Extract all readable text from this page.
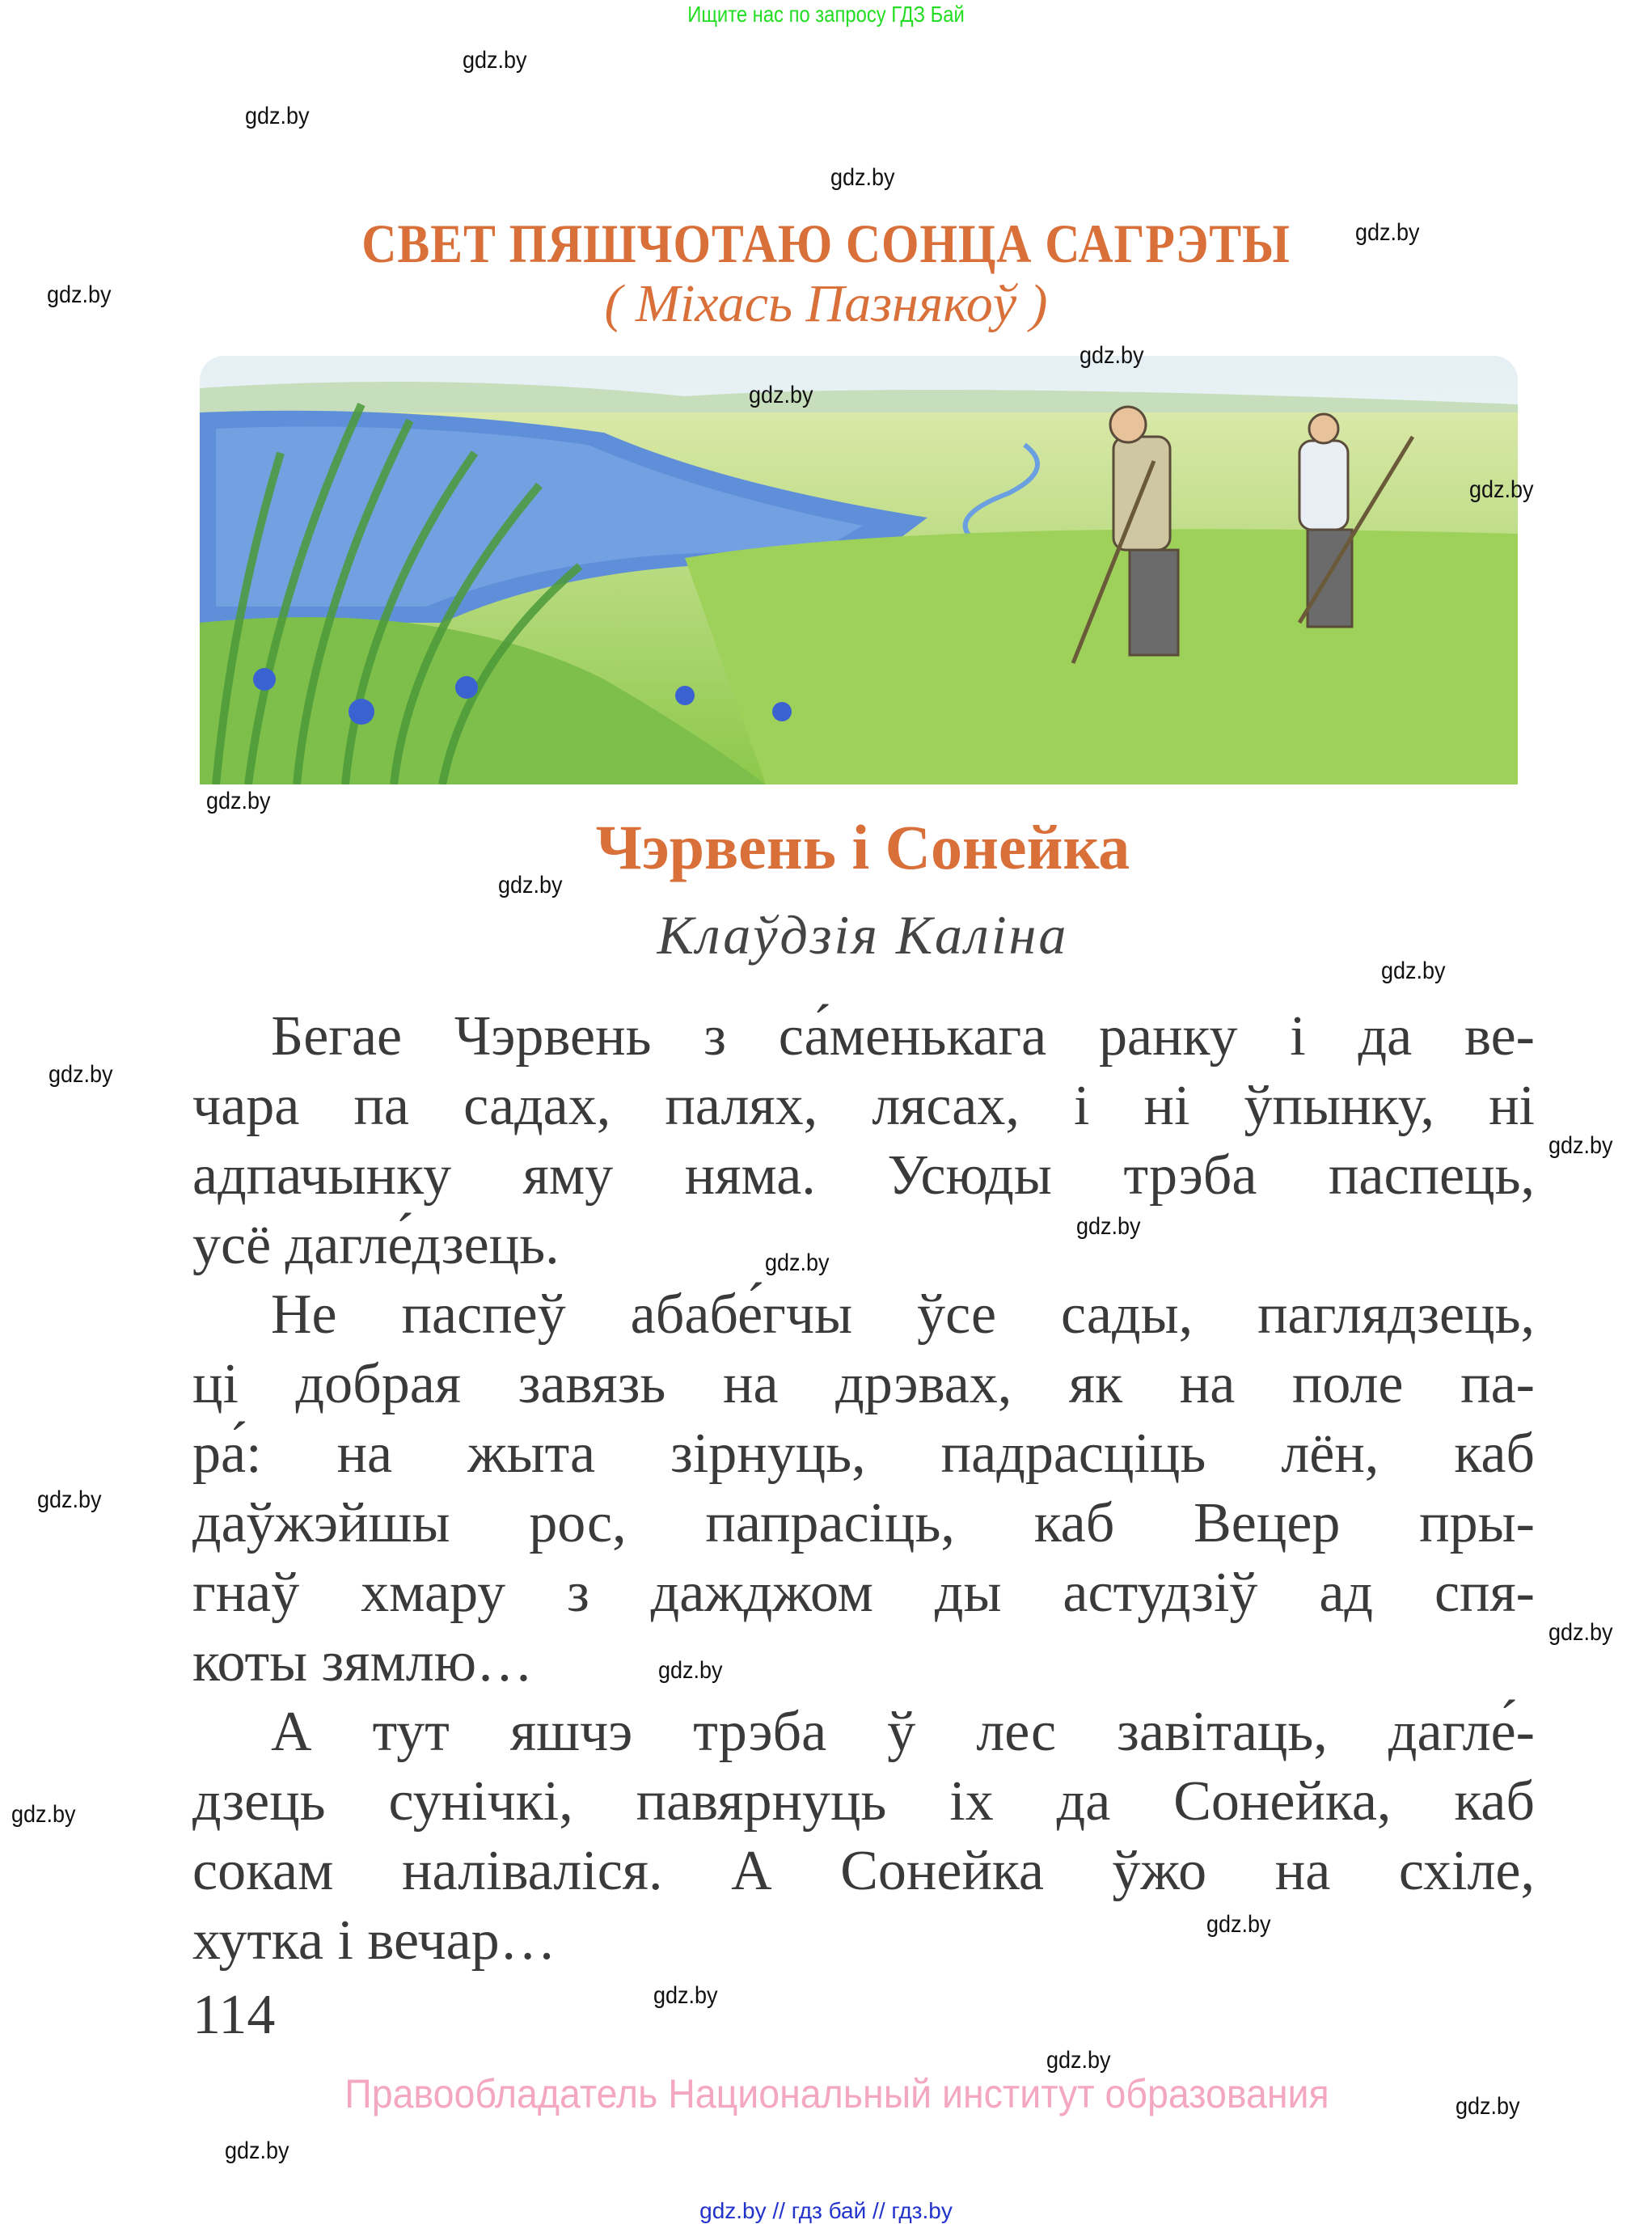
Ищите нас по запросу ГДЗ Бай
СВЕТ ПЯШЧОТАЮ СОНЦА САГРЭТЫ
( Міхась Пазнякоў )
Чэрвень і Сонейка
Клаўдзія Каліна
Бегае Чэрвень з са́менькага ранку і да ве-
чара па садах, палях, лясах, і ні ўпынку, ні
адпачынку яму няма. Усюды трэба паспець,
усё дагле́дзець.
Не паспеў абабе́гчы ўсе сады, паглядзець,
ці добрая завязь на дрэвах, як на поле па-
ра́: на жыта зірнуць, падрасціць лён, каб
даўжэйшы рос, папрасіць, каб Вецер пры-
гнаў хмару з дажджом ды астудзіў ад спя-
коты зямлю…
А тут яшчэ трэба ў лес завітаць, дагле́-
дзець сунічкі, павярнуць іх да Сонейка, каб
сокам наліваліся. А Сонейка ўжо на схіле,
хутка і вечар…
114
Правообладатель Национальный институт образования
gdz.by // гдз бай // гдз.by
gdz.by
gdz.by
gdz.by
gdz.by
gdz.by
gdz.by
gdz.by
gdz.by
gdz.by
gdz.by
gdz.by
gdz.by
gdz.by
gdz.by
gdz.by
gdz.by
gdz.by
gdz.by
gdz.by
gdz.by
gdz.by
gdz.by
gdz.by
gdz.by
